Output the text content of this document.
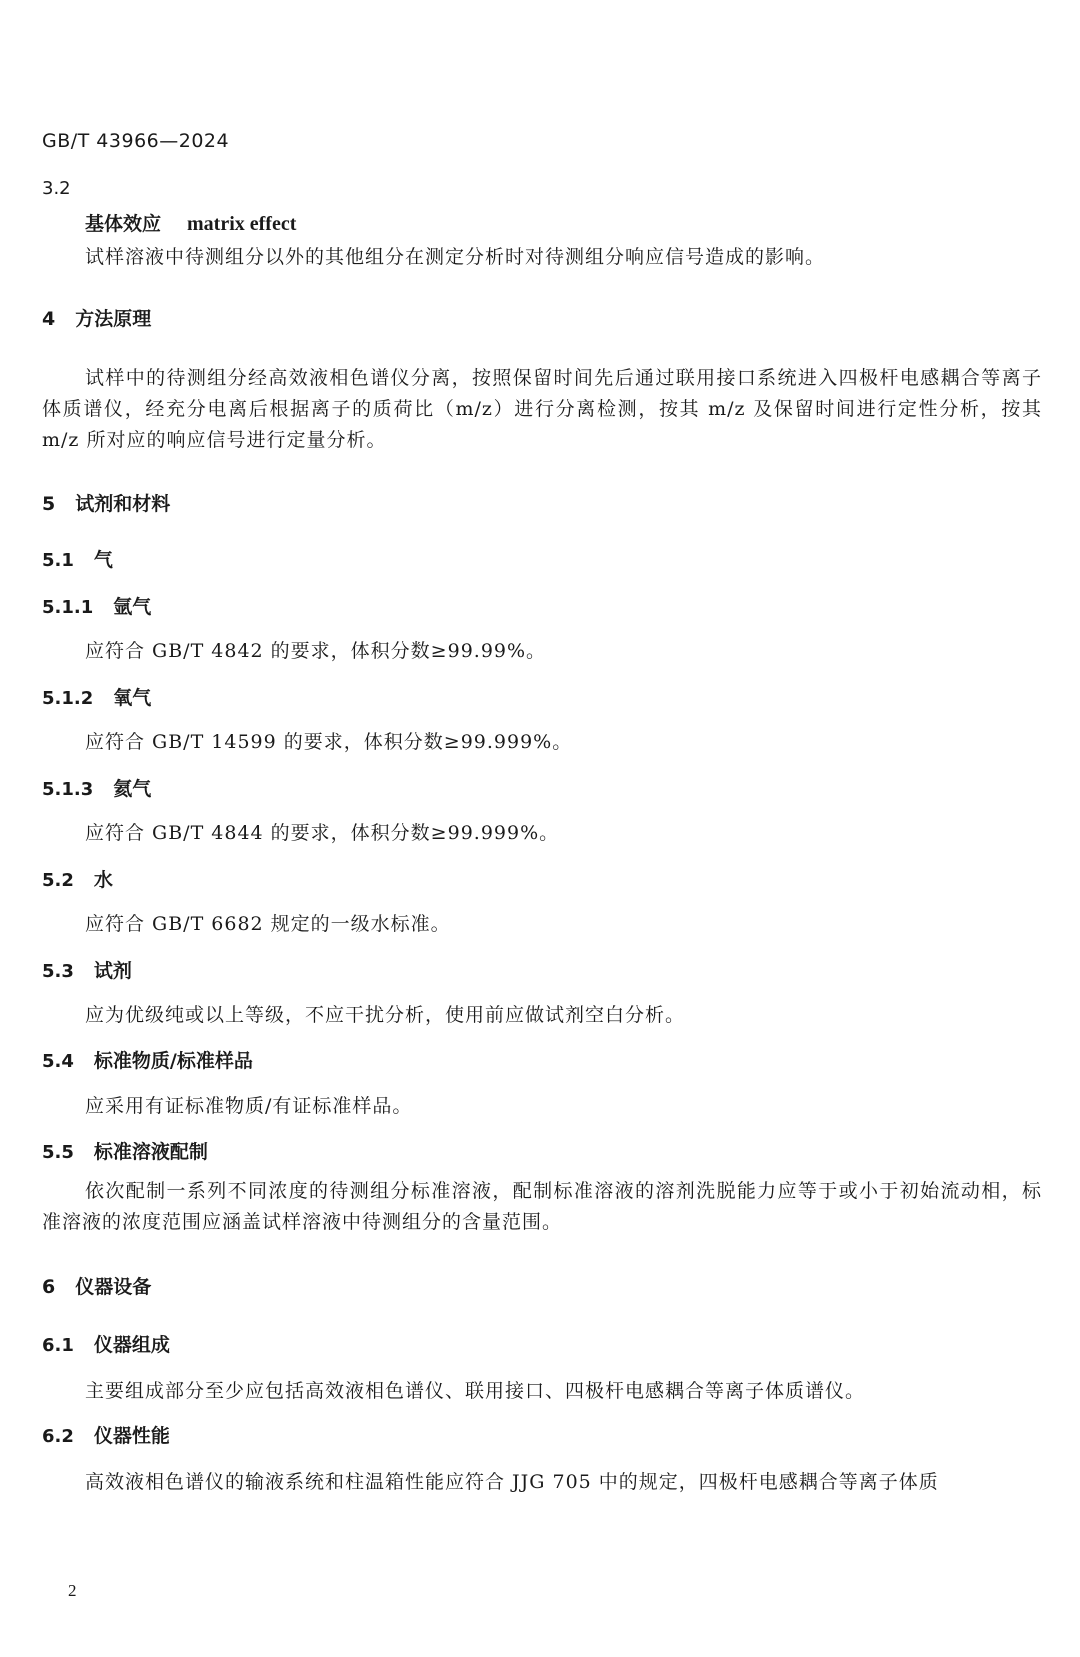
GB/T 43966—2024
3.2
基体效应 matrix effect
试样溶液中待测组分以外的其他组分在测定分析时对待测组分响应信号造成的影响。
4 方法原理
试样中的待测组分经高效液相色谱仪分离，按照保留时间先后通过联用接口系统进入四极杆电感耦合等离子体质谱仪，经充分电离后根据离子的质荷比（m/z）进行分离检测，按其 m/z 及保留时间进行定性分析，按其 m/z 所对应的响应信号进行定量分析。
5 试剂和材料
5.1 气
5.1.1 氩气
应符合 GB/T 4842 的要求，体积分数≥99.99%。
5.1.2 氧气
应符合 GB/T 14599 的要求，体积分数≥99.999%。
5.1.3 氦气
应符合 GB/T 4844 的要求，体积分数≥99.999%。
5.2 水
应符合 GB/T 6682 规定的一级水标准。
5.3 试剂
应为优级纯或以上等级，不应干扰分析，使用前应做试剂空白分析。
5.4 标准物质/标准样品
应采用有证标准物质/有证标准样品。
5.5 标准溶液配制
依次配制一系列不同浓度的待测组分标准溶液，配制标准溶液的溶剂洗脱能力应等于或小于初始流动相，标准溶液的浓度范围应涵盖试样溶液中待测组分的含量范围。
6 仪器设备
6.1 仪器组成
主要组成部分至少应包括高效液相色谱仪、联用接口、四极杆电感耦合等离子体质谱仪。
6.2 仪器性能
高效液相色谱仪的输液系统和柱温箱性能应符合 JJG 705 中的规定，四极杆电感耦合等离子体质
2
